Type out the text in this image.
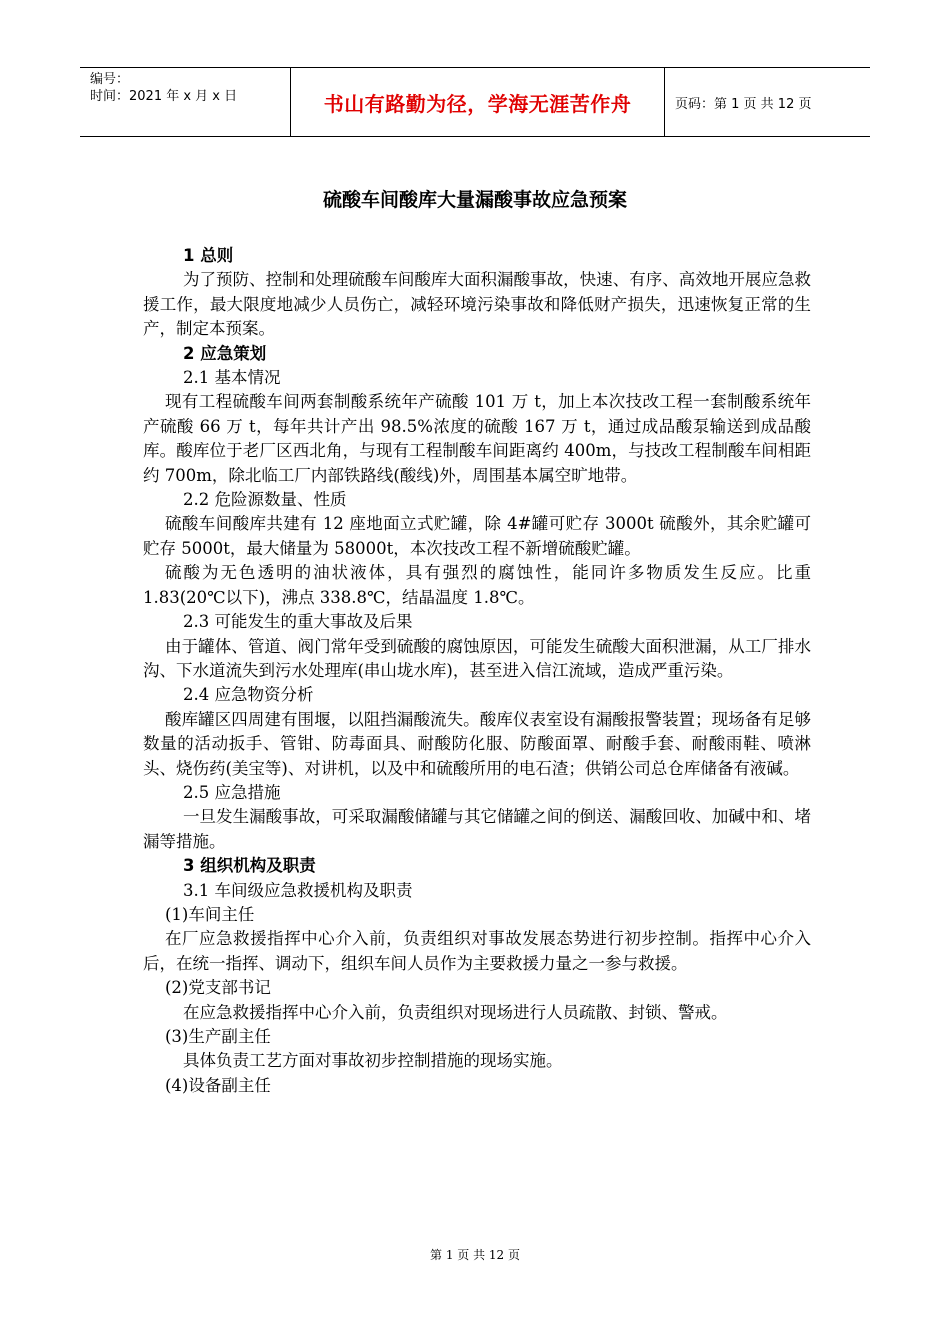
编号：
时间：2021 年 x 月 x 日	书山有路勤为径，学海无涯苦作舟	页码：第 1 页 共 12 页
硫酸车间酸库大量漏酸事故应急预案

1 总则

为了预防、控制和处理硫酸车间酸库大面积漏酸事故，快速、有序、高效地开展应急救援工作，最大限度地减少人员伤亡，减轻环境污染事故和降低财产损失，迅速恢复正常的生产，制定本预案。

2 应急策划

2.1 基本情况

现有工程硫酸车间两套制酸系统年产硫酸 101 万 t，加上本次技改工程一套制酸系统年产硫酸 66 万 t，每年共计产出 98.5%浓度的硫酸 167 万 t，通过成品酸泵输送到成品酸库。酸库位于老厂区西北角，与现有工程制酸车间距离约 400m，与技改工程制酸车间相距约 700m，除北临工厂内部铁路线(酸线)外，周围基本属空旷地带。

2.2 危险源数量、性质

硫酸车间酸库共建有 12 座地面立式贮罐，除 4#罐可贮存 3000t 硫酸外，其余贮罐可贮存 5000t，最大储量为 58000t，本次技改工程不新增硫酸贮罐。

硫酸为无色透明的油状液体，具有强烈的腐蚀性，能同许多物质发生反应。比重 1.83(20℃以下)，沸点 338.8℃，结晶温度 1.8℃。

2.3 可能发生的重大事故及后果

由于罐体、管道、阀门常年受到硫酸的腐蚀原因，可能发生硫酸大面积泄漏，从工厂排水沟、下水道流失到污水处理库(串山垅水库)，甚至进入信江流域，造成严重污染。

2.4 应急物资分析

酸库罐区四周建有围堰，以阻挡漏酸流失。酸库仪表室设有漏酸报警装置；现场备有足够数量的活动扳手、管钳、防毒面具、耐酸防化服、防酸面罩、耐酸手套、耐酸雨鞋、喷淋头、烧伤药(美宝等)、对讲机，以及中和硫酸所用的电石渣；供销公司总仓库储备有液碱。

2.5 应急措施

一旦发生漏酸事故，可采取漏酸储罐与其它储罐之间的倒送、漏酸回收、加碱中和、堵漏等措施。

3 组织机构及职责

3.1 车间级应急救援机构及职责

(1)车间主任

在厂应急救援指挥中心介入前，负责组织对事故发展态势进行初步控制。指挥中心介入后，在统一指挥、调动下，组织车间人员作为主要救援力量之一参与救援。

(2)党支部书记

在应急救援指挥中心介入前，负责组织对现场进行人员疏散、封锁、警戒。

(3)生产副主任

具体负责工艺方面对事故初步控制措施的现场实施。

(4)设备副主任

第 1 页 共 12 页
